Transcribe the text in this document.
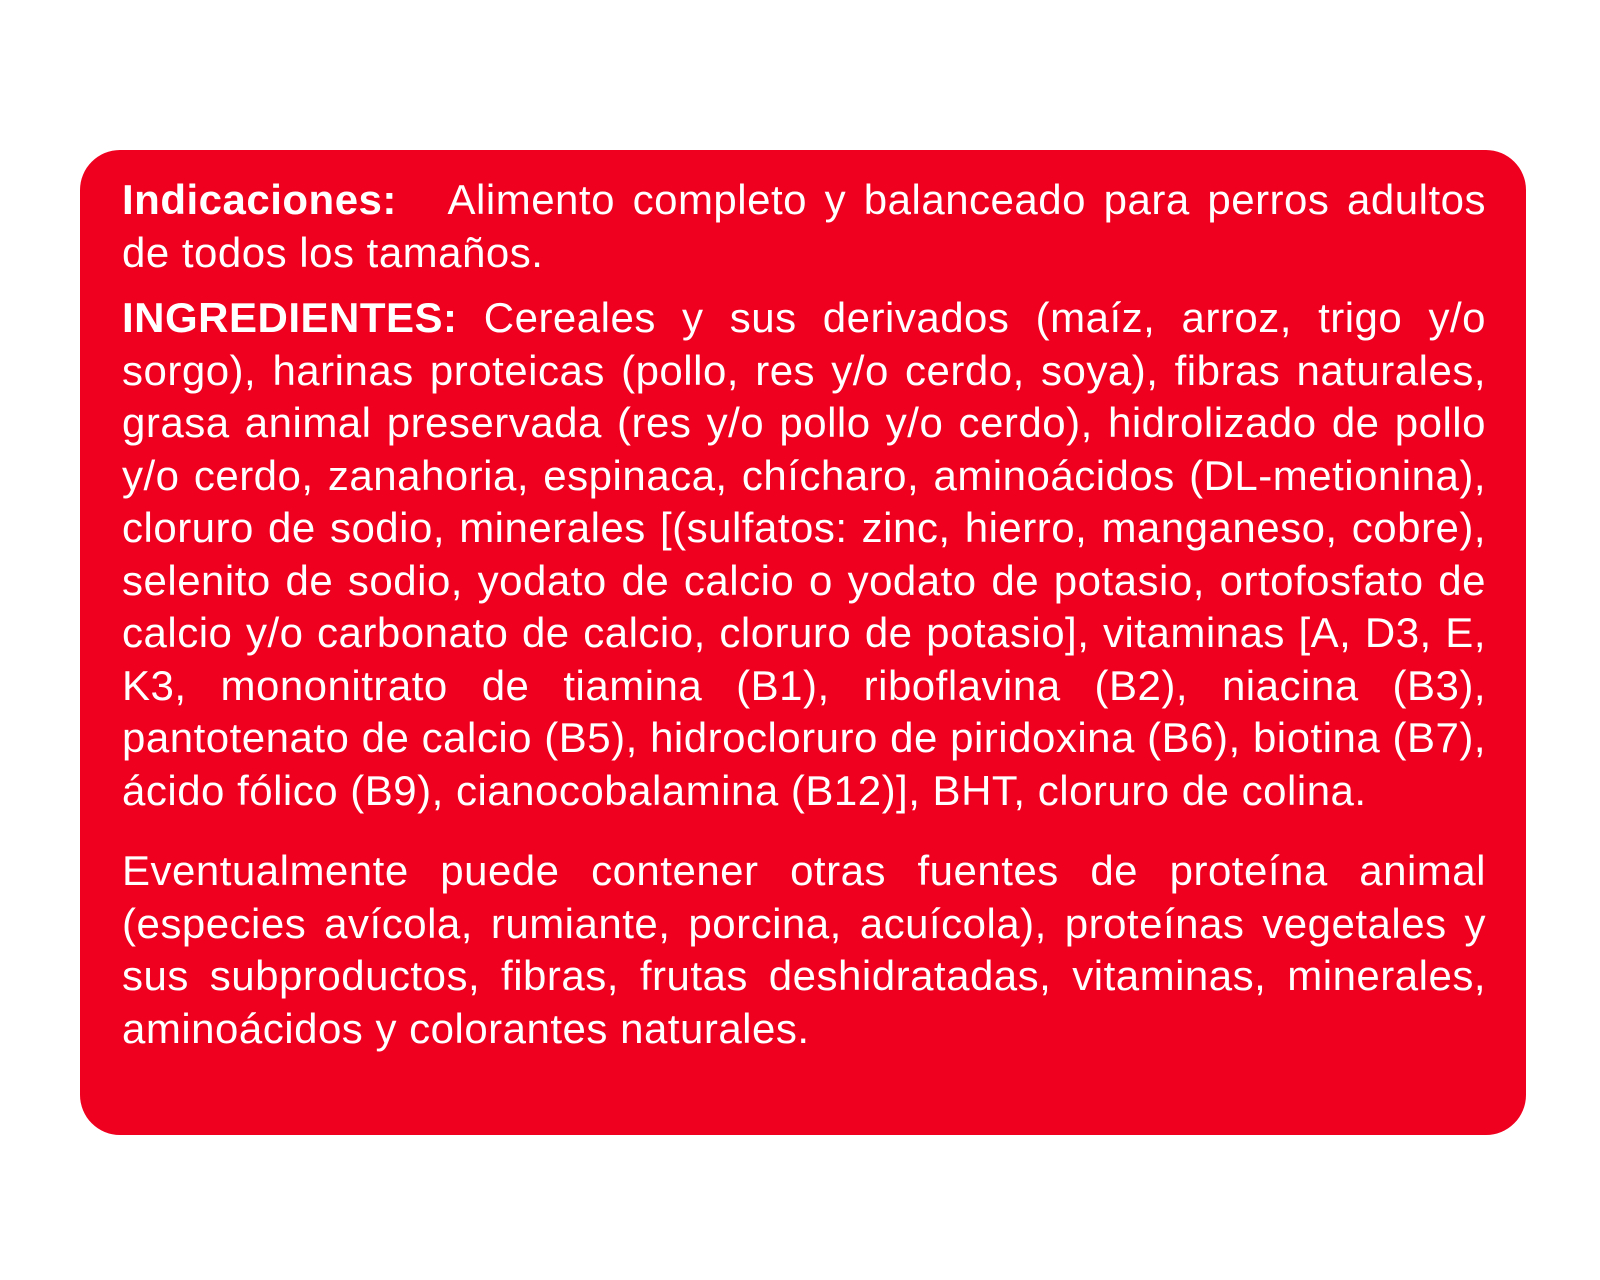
Indicaciones: Alimento completo y balanceado para perros adultos de todos los tamaños.

INGREDIENTES: Cereales y sus derivados (maíz, arroz, trigo y/o sorgo), harinas proteicas (pollo, res y/o cerdo, soya), fibras naturales, grasa animal preservada (res y/o pollo y/o cerdo), hidrolizado de pollo y/o cerdo, zanahoria, espinaca, chícharo, aminoácidos (DL-metionina), cloruro de sodio, minerales [(sulfatos: zinc, hierro, manganeso, cobre), selenito de sodio, yodato de calcio o yodato de potasio, ortofosfato de calcio y/o carbonato de calcio, cloruro de potasio], vitaminas [A, D3, E, K3, mononitrato de tiamina (B1), riboflavina (B2), niacina (B3), pantotenato de calcio (B5), hidrocloruro de piridoxina (B6), biotina (B7), ácido fólico (B9), cianocobalamina (B12)], BHT, cloruro de colina.

Eventualmente puede contener otras fuentes de proteína animal (especies avícola, rumiante, porcina, acuícola), proteínas vegetales y sus subproductos, fibras, frutas deshidratadas, vitaminas, minerales, aminoácidos y colorantes naturales.
